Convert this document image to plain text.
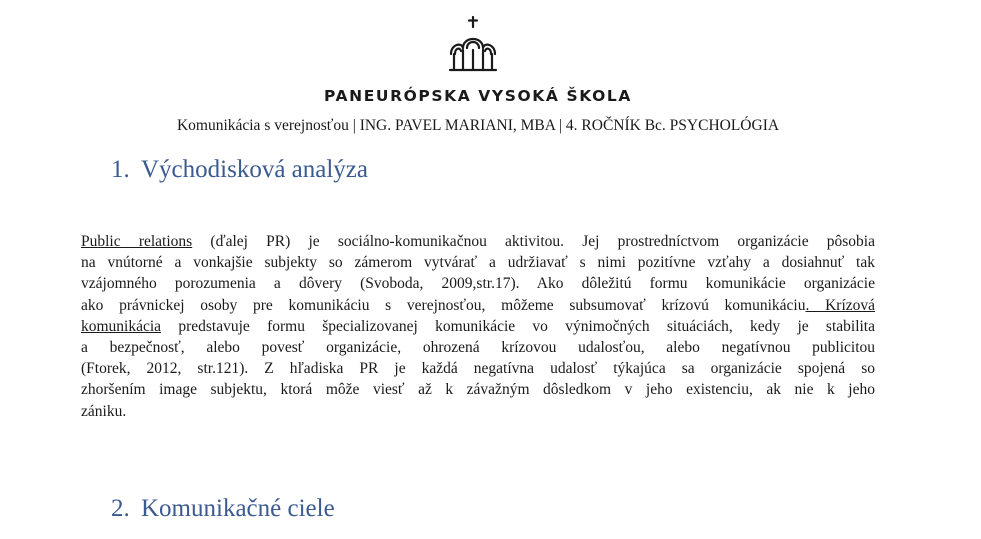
PANEURÓPSKA VYSOKÁ ŠKOLA
Komunikácia s verejnosťou | ING. PAVEL MARIANI, MBA | 4. ROČNÍK Bc. PSYCHOLÓGIA
1. Východisková analýza
Public relations (ďalej PR) je sociálno-komunikačnou aktivitou. Jej prostredníctvom organizácie pôsobia
na vnútorné a vonkajšie subjekty so zámerom vytvárať a udržiavať s nimi pozitívne vzťahy a dosiahnuť tak
vzájomného porozumenia a dôvery (Svoboda, 2009,str.17). Ako dôležitú formu komunikácie organizácie
ako právnickej osoby pre komunikáciu s verejnosťou, môžeme subsumovať krízovú komunikáciu. Krízová
komunikácia predstavuje formu špecializovanej komunikácie vo výnimočných situáciách, kedy je stabilita
a bezpečnosť, alebo povesť organizácie, ohrozená krízovou udalosťou, alebo negatívnou publicitou
(Ftorek, 2012, str.121). Z hľadiska PR je každá negatívna udalosť týkajúca sa organizácie spojená so
zhoršením image subjektu, ktorá môže viesť až k závažným dôsledkom v jeho existenciu, ak nie k jeho
zániku.
2. Komunikačné ciele
